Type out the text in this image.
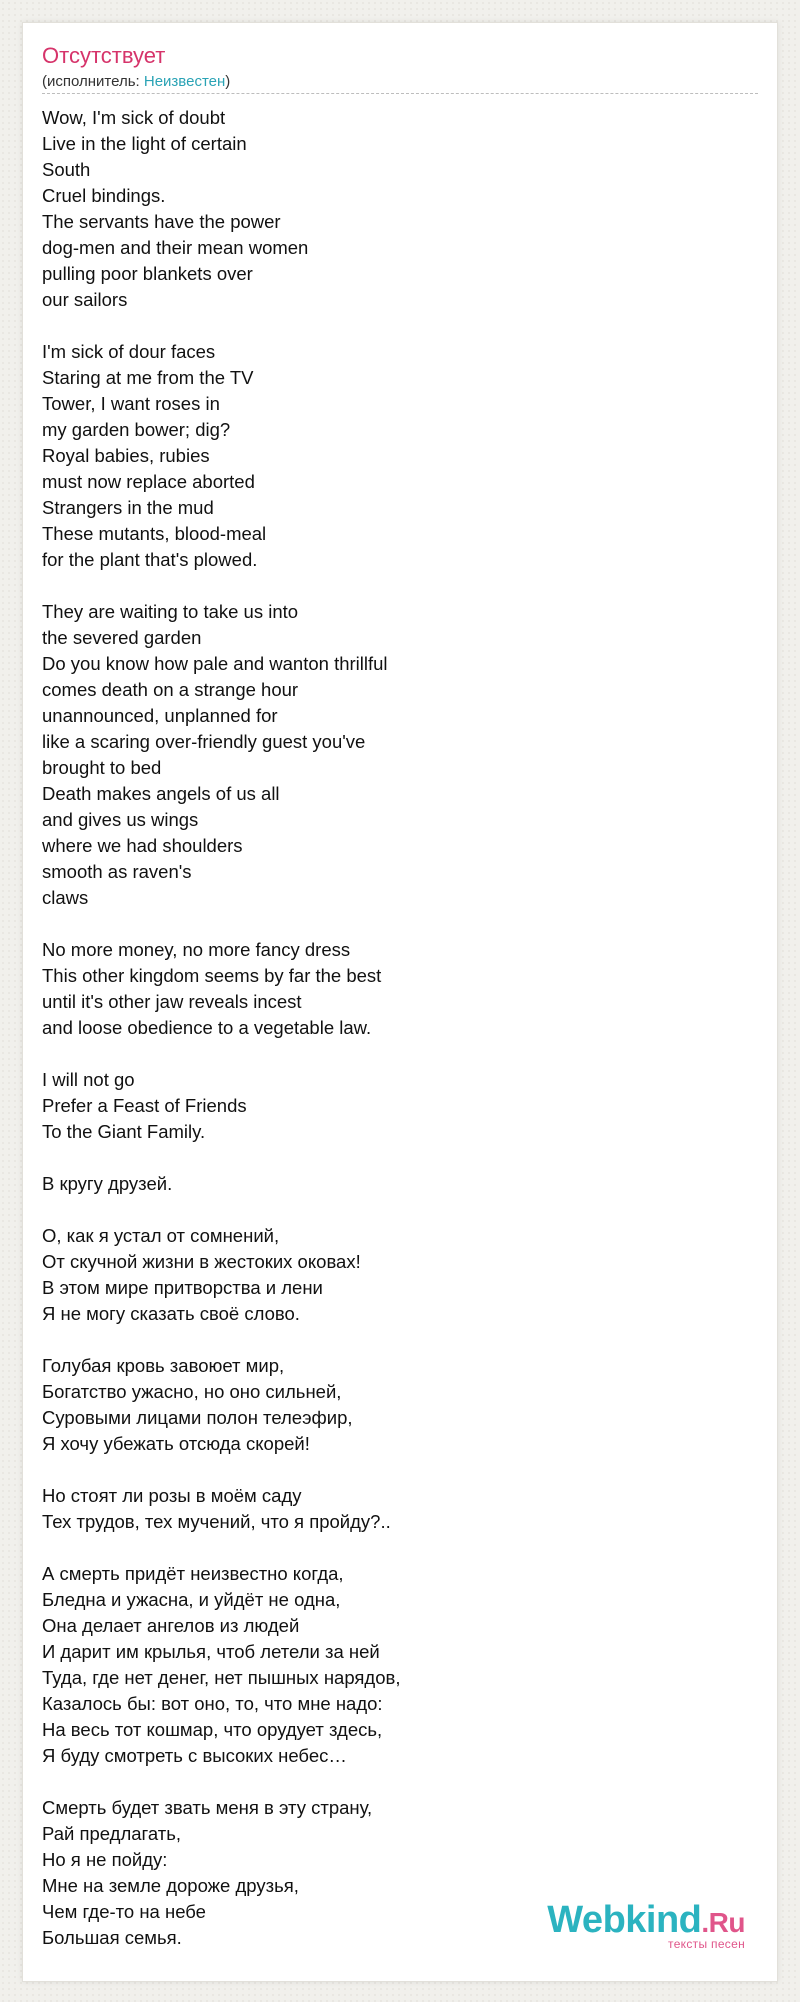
Отсутствует
(исполнитель: Неизвестен)
Wow, I'm sick of doubt
Live in the light of certain
South
Cruel bindings.
The servants have the power
dog-men and their mean women
pulling poor blankets over
our sailors
I'm sick of dour faces
Staring at me from the TV
Tower, I want roses in
my garden bower; dig?
Royal babies, rubies
must now replace aborted
Strangers in the mud
These mutants, blood-meal
for the plant that's plowed.
They are waiting to take us into
the severed garden
Do you know how pale and wanton thrillful
comes death on a strange hour
unannounced, unplanned for
like a scaring over-friendly guest you've
brought to bed
Death makes angels of us all
and gives us wings
where we had shoulders
smooth as raven's
claws
No more money, no more fancy dress
This other kingdom seems by far the best
until it's other jaw reveals incest
and loose obedience to a vegetable law.
I will not go
Prefer a Feast of Friends
To the Giant Family.
В кругу друзей.
О, как я устал от сомнений,
От скучной жизни в жестоких оковах!
В этом мире притворства и лени
Я не могу сказать своё слово.
Голубая кровь завоюет мир,
Богатство ужасно, но оно сильней,
Суровыми лицами полон телеэфир,
Я хочу убежать отсюда скорей!
Но стоят ли розы в моём саду
Тех трудов, тех мучений, что я пройду?..
А смерть придёт неизвестно когда,
Бледна и ужасна, и уйдёт не одна,
Она делает ангелов из людей
И дарит им крылья, чтоб летели за ней
Туда, где нет денег, нет пышных нарядов,
Казалось бы: вот оно, то, что мне надо:
На весь тот кошмар, что орудует здесь,
Я буду смотреть с высоких небес…
Смерть будет звать меня в эту страну,
Рай предлагать,
Но я не пойду:
Мне на земле дороже друзья,
Чем где-то на небе
Большая семья.	Webkind.Ru
тексты песен
